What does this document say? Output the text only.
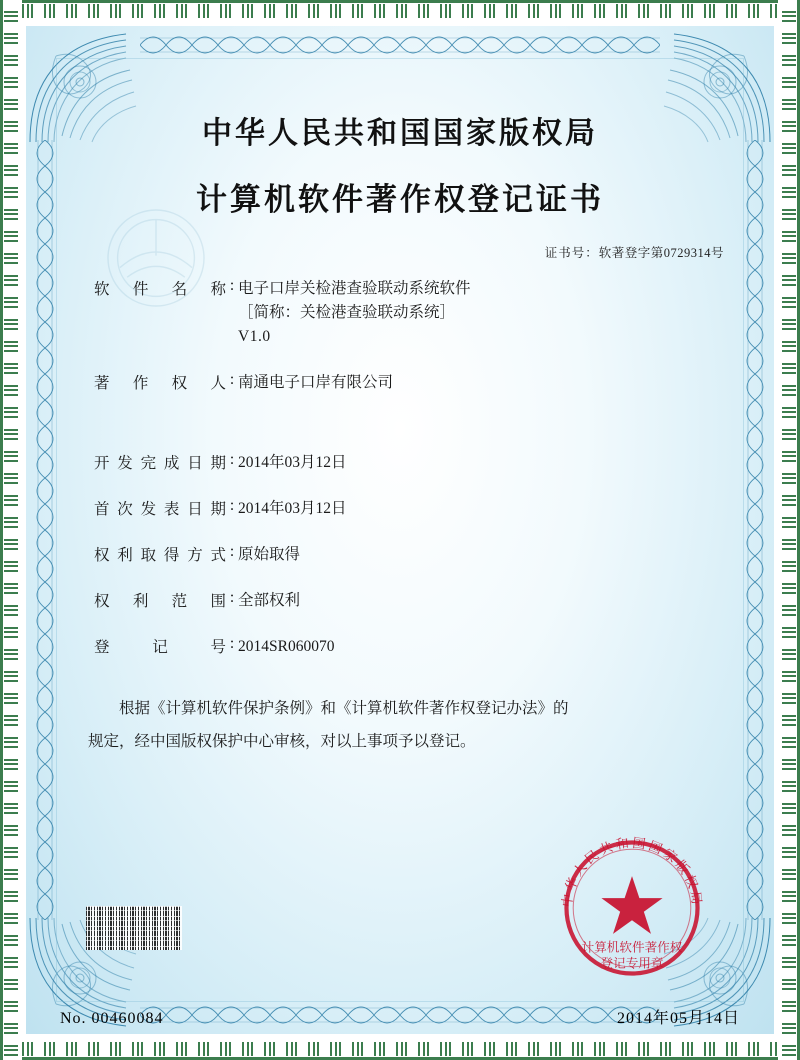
中华人民共和国国家版权局
计算机软件著作权登记证书
证书号：软著登字第0729314号
软件名称 : 电子口岸关检港查验联动系统软件
［简称：关检港查验联动系统］
V1.0
著作权人 : 南通电子口岸有限公司
开发完成日期 : 2014年03月12日
首次发表日期 : 2014年03月12日
权利取得方式 : 原始取得
权利范围 : 全部权利
登记号 : 2014SR060070
根据《计算机软件保护条例》和《计算机软件著作权登记办法》的
规定，经中国版权保护中心审核，对以上事项予以登记。
中华人民共和国国家版权局
计算机软件著作权
登记专用章
No. 00460084	2014年05月14日
